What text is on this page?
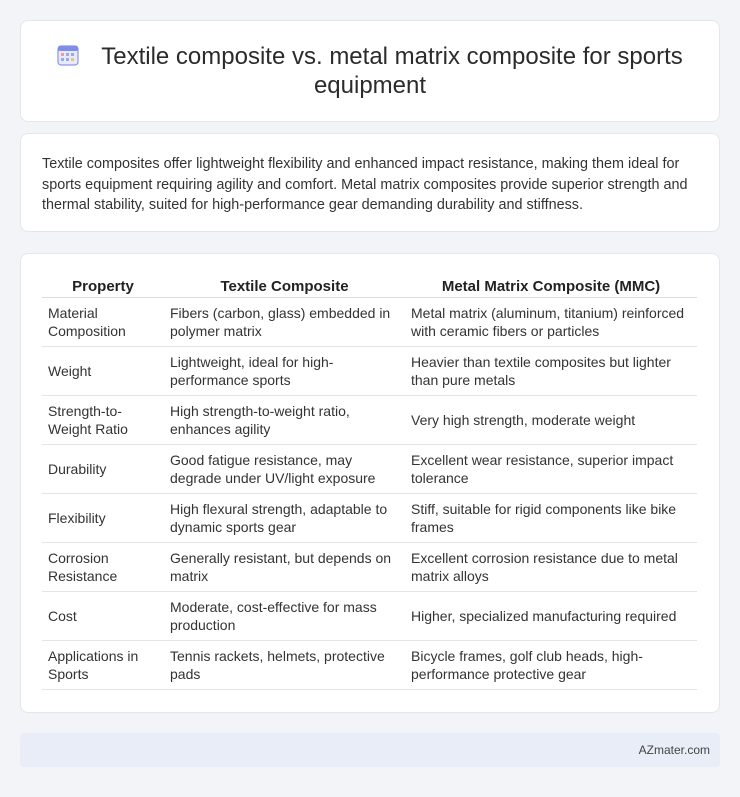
Textile composite vs. metal matrix composite for sports equipment

Textile composites offer lightweight flexibility and enhanced impact resistance, making them ideal for sports equipment requiring agility and comfort. Metal matrix composites provide superior strength and thermal stability, suited for high-performance gear demanding durability and stiffness.

Property	Textile Composite	Metal Matrix Composite (MMC)
Material Composition	Fibers (carbon, glass) embedded in polymer matrix	Metal matrix (aluminum, titanium) reinforced with ceramic fibers or particles
Weight	Lightweight, ideal for high-performance sports	Heavier than textile composites but lighter than pure metals
Strength-to-Weight Ratio	High strength-to-weight ratio, enhances agility	Very high strength, moderate weight
Durability	Good fatigue resistance, may degrade under UV/light exposure	Excellent wear resistance, superior impact tolerance
Flexibility	High flexural strength, adaptable to dynamic sports gear	Stiff, suitable for rigid components like bike frames
Corrosion Resistance	Generally resistant, but depends on matrix	Excellent corrosion resistance due to metal matrix alloys
Cost	Moderate, cost-effective for mass production	Higher, specialized manufacturing required
Applications in Sports	Tennis rackets, helmets, protective pads	Bicycle frames, golf club heads, high-performance protective gear
AZmater.com
